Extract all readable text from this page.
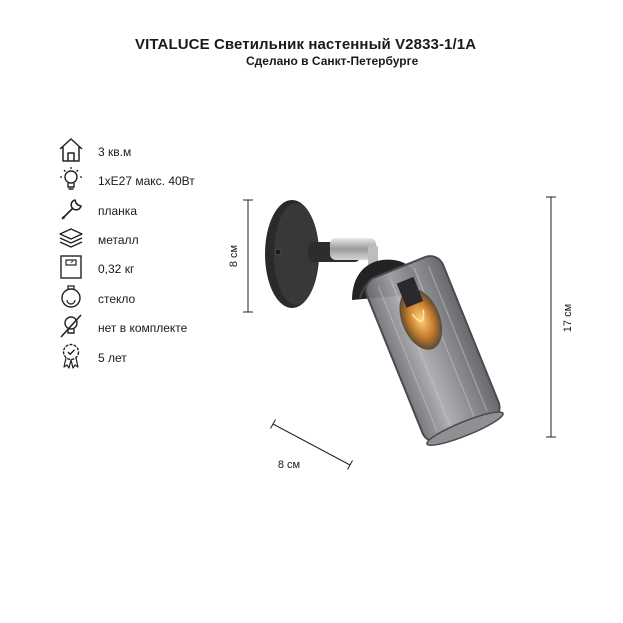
VITALUCE Светильник настенный V2833-1/1A
Сделано в Санкт-Петербурге
3 кв.м
1xE27 макс. 40Вт
планка
металл
0,32 кг
стекло
нет в комплекте
5 лет
8 см
17 см
8 см
